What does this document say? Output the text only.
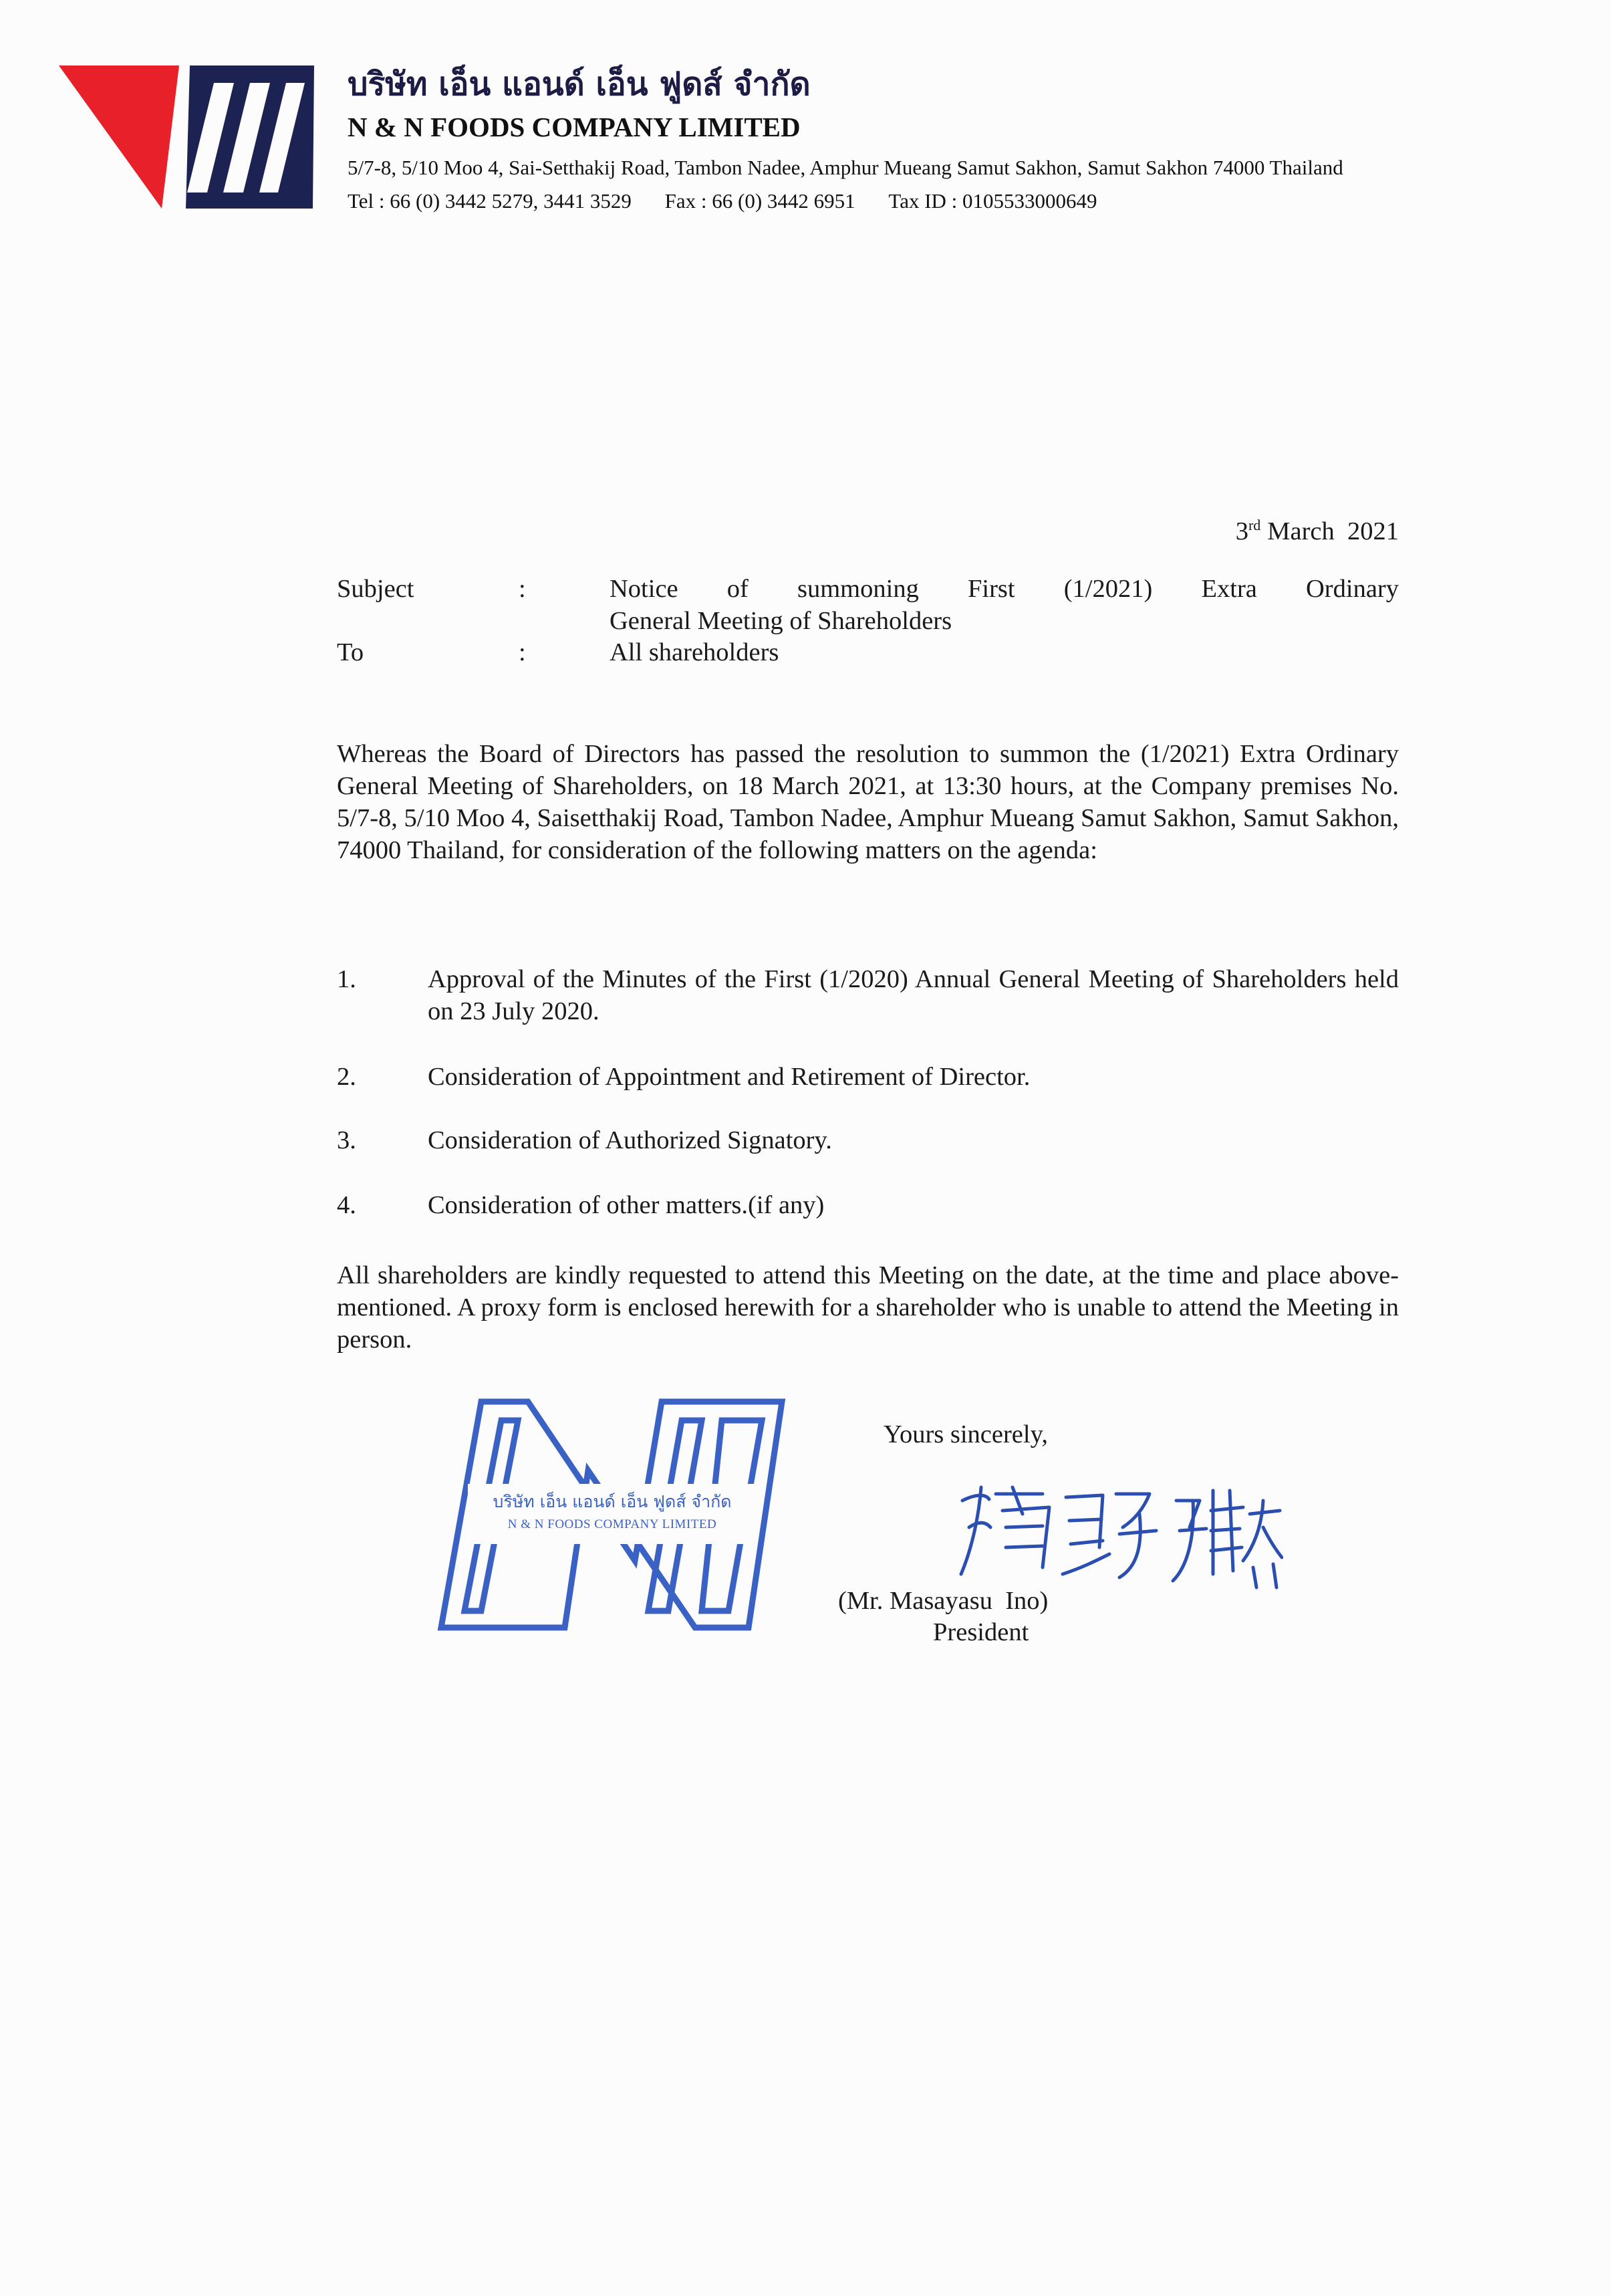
บริษัท เอ็น แอนด์ เอ็น ฟูดส์ จำกัด
N & N FOODS COMPANY LIMITED
5/7-8, 5/10 Moo 4, Sai-Setthakij Road, Tambon Nadee, Amphur Mueang Samut Sakhon, Samut Sakhon 74000 Thailand
Tel : 66 (0) 3442 5279, 3441 3529 Fax : 66 (0) 3442 6951 Tax ID : 0105533000649
3rd March  2021
Subject	:	Notice of summoning First (1/2021) Extra Ordinary
General Meeting of Shareholders
To	:	All shareholders
Whereas the Board of Directors has passed the resolution to summon the (1/2021) Extra Ordinary General Meeting of Shareholders, on 18 March 2021, at 13:30 hours, at the Company premises No. 5/7-8, 5/10 Moo 4, Saisetthakij Road, Tambon Nadee, Amphur Mueang Samut Sakhon, Samut Sakhon, 74000 Thailand, for consideration of the following matters on the agenda:
1.	Approval of the Minutes of the First (1/2020) Annual General Meeting of Shareholders held on 23 July 2020.
2.	Consideration of Appointment and Retirement of Director.
3.	Consideration of Authorized Signatory.
4.	Consideration of other matters.(if any)
All shareholders are kindly requested to attend this Meeting on the date, at the time and place above-mentioned. A proxy form is enclosed herewith for a shareholder who is unable to attend the Meeting in person.
บริษัท เอ็น แอนด์ เอ็น ฟูดส์ จำกัด
N & N FOODS COMPANY LIMITED
Yours sincerely,
(Mr. Masayasu  Ino)
President
